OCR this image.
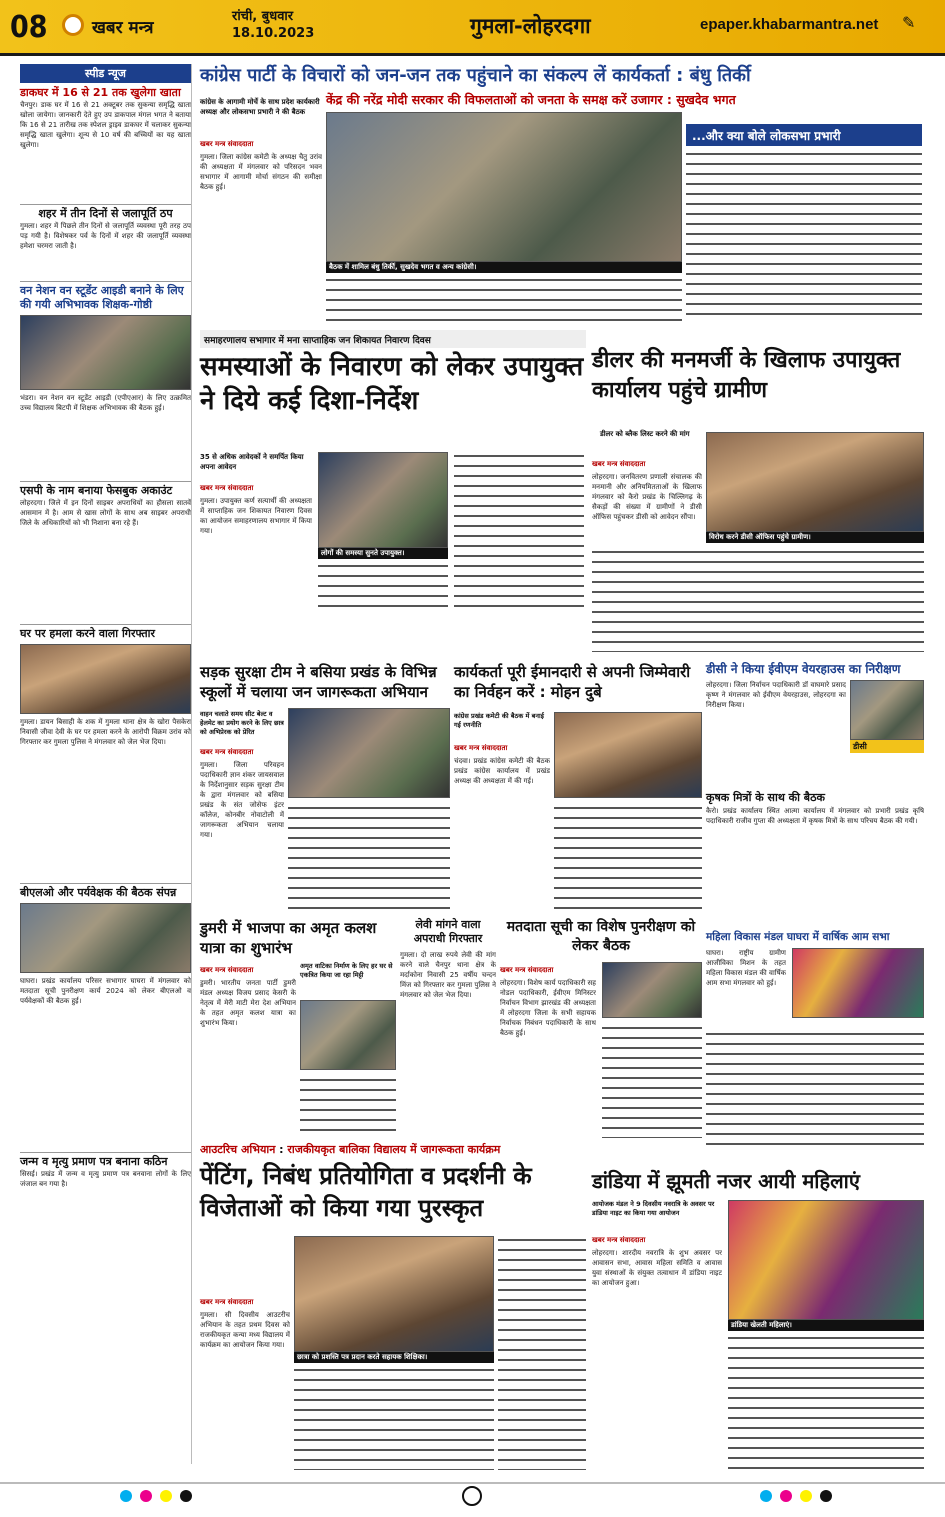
08	खबर मन्त्र
रांची, बुधवार
18.10.2023	गुमला-लोहरदगा	epaper.khabarmantra.net ✎
स्पीड न्यूज
डाकघर में 16 से 21 तक खुलेगा खाता
चैनपुर। डाक घर में 16 से 21 अक्टूबर तक सुकन्या समृद्धि खाता खोला जायेगा। जानकारी देते हुए उप डाकपाल मंगल भगत ने बताया कि 16 से 21 तारीख तक स्पेशल ड्राइव डाकघर में चलाकर सुकन्या समृद्धि खाता खुलेगा। शून्य से 10 वर्ष की बच्चियों का यह खाता खुलेगा।
शहर में तीन दिनों से जलापूर्ति ठप
गुमला। शहर में पिछले तीन दिनों से जलापूर्ति व्यवस्था पूरी तरह ठप पड़ गयी है। विशेषकर पर्व के दिनों में शहर की जलापूर्ति व्यवस्था हमेशा चरमरा जाती है।
वन नेशन वन स्टूडेंट आइडी बनाने के लिए की गयी अभिभावक शिक्षक-गोष्ठी
भंडरा। वन नेशन वन स्टूडेंट आइडी (एपीएआर) के लिए उत्क्रमित उच्च विद्यालय बिटपी में शिक्षक अभिभावक की बैठक हुई।
एसपी के नाम बनाया फेसबुक अकाउंट
लोहरदगा। जिले में इन दिनों साइबर अपराधियों का हौसला सातवें आसमान में है। आम से खास लोगों के साथ अब साइबर अपराधी जिले के अधिकारियों को भी निशाना बना रहे हैं।
घर पर हमला करने वाला गिरफ्तार
गुमला। डायन बिसाही के शक में गुमला थाना क्षेत्र के खोरा पैसकेरा निवासी जीवा देवी के घर पर हमला करने के आरोपी विक्रम उरांव को गिरफ्तार कर गुमला पुलिस ने मंगलवार को जेल भेज दिया।
बीएलओ और पर्यवेक्षक की बैठक संपन्न
घाघरा। प्रखंड कार्यालय परिसर सभागार घाघरा में मंगलवार को मतदाता सूची पुनरीक्षण कार्य 2024 को लेकर बीएलओ व पर्यवेक्षकों की बैठक हुई।
जन्म व मृत्यु प्रमाण पत्र बनाना कठिन
सिसई। प्रखंड में जन्म व मृत्यु प्रमाण पत्र बनवाना लोगों के लिए जंजाल बन गया है।
कांग्रेस पार्टी के विचारों को जन-जन तक पहुंचाने का संकल्प लें कार्यकर्ता : बंधु तिर्की
केंद्र की नरेंद्र मोदी सरकार की विफलताओं को जनता के समक्ष करें उजागर : सुखदेव भगत
कांग्रेस के आगामी मोर्चे के साथ प्रदेश कार्यकारी अध्यक्ष और लोकसभा प्रभारी ने की बैठक
खबर मन्त्र संवाददाता
गुमला। जिला कांग्रेस कमेटी के अध्यक्ष चैतु उरांव की अध्यक्षता में मंगलवार को परिसदन भवन सभागार में आगामी मोर्चा संगठन की समीक्षा बैठक हुई।
बैठक में शामिल बंधु तिर्की, सुखदेव भगत व अन्य कांग्रेसी।
...और क्या बोले लोकसभा प्रभारी
समाहरणालय सभागार में मना साप्ताहिक जन शिकायत निवारण दिवस
समस्याओं के निवारण को लेकर उपायुक्त ने दिये कई दिशा-निर्देश
35 से अधिक आवेदकों ने समर्पित किया अपना आवेदन
खबर मन्त्र संवाददाता
गुमला। उपायुक्त कर्ण सत्यार्थी की अध्यक्षता में साप्ताहिक जन शिकायत निवारण दिवस का आयोजन समाहरणालय सभागार में किया गया।
लोगों की समस्या सुनते उपायुक्त।
डीलर की मनमर्जी के खिलाफ उपायुक्त कार्यालय पहुंचे ग्रामीण
डीलर को ब्लैक लिस्ट करने की मांग
खबर मन्त्र संवाददाता
लोहरदगा। जनवितरण प्रणाली संचालक की मनमानी और अनियमितताओं के खिलाफ मंगलवार को कैरो प्रखंड के चिल्लिगढ़ के सैकड़ों की संख्या में ग्रामीणों ने डीसी ऑफिस पहुंचकर डीसी को आवेदन सौंपा।
विरोध करने डीसी ऑफिस पहुंचे ग्रामीण।
डीसी ने किया ईवीएम वेयरहाउस का निरीक्षण
लोहरदगा। जिला निर्वाचन पदाधिकारी डॉ वाघमारे प्रसाद कृष्ण ने मंगलवार को ईवीएम वेयरहाउस, लोहरदगा का निरीक्षण किया।
डीसी
कृषक मित्रों के साथ की बैठक
कैरो। प्रखंड कार्यालय स्थित आत्मा कार्यालय में मंगलवार को प्रभारी प्रखंड कृषि पदाधिकारी राजीव गुप्ता की अध्यक्षता में कृषक मित्रों के साथ परिचय बैठक की गयी।
महिला विकास मंडल घाघरा में वार्षिक आम सभा
घाघरा। राष्ट्रीय ग्रामीण आजीविका मिशन के तहत महिला विकास मंडल की वार्षिक आम सभा मंगलवार को हुई।
सड़क सुरक्षा टीम ने बसिया प्रखंड के विभिन्न स्कूलों में चलाया जन जागरूकता अभियान
वाहन चलाते समय सीट बेल्ट व हेलमेट का प्रयोग करने के लिए छात्र को अभिप्रेरक को प्रेरित
खबर मन्त्र संवाददाता
गुमला। जिला परिवहन पदाधिकारी ज्ञान शंकर जायसवाल के निर्देशानुसार सड़क सुरक्षा टीम के द्वारा मंगलवार को बसिया प्रखंड के संत जोसेफ इंटर कॉलेज, कोनबीर नोवाटोली में जागरूकता अभियान चलाया गया।
कार्यकर्ता पूरी ईमानदारी से अपनी जिम्मेवारी का निर्वहन करें : मोहन दुबे
कांग्रेस प्रखंड कमेटी की बैठक में बनाई गई रणनीति
खबर मन्त्र संवाददाता
चंदवा। प्रखंड कांग्रेस कमेटी की बैठक प्रखंड कांग्रेस कार्यालय में प्रखंड अध्यक्ष की अध्यक्षता में की गई।
डुमरी में भाजपा का अमृत कलश यात्रा का शुभारंभ
अमृत वाटिका निर्माण के लिए हर घर से एकत्रित किया जा रहा मिट्टी
खबर मन्त्र संवाददाता
डुमरी। भारतीय जनता पार्टी डुमरी मंडल अध्यक्ष विजय प्रसाद केसरी के नेतृत्व में मेरी माटी मेरा देश अभियान के तहत अमृत कलश यात्रा का शुभारंभ किया।
लेवी मांगने वाला अपराधी गिरफ्तार
गुमला। दो लाख रुपये लेवी की मांग करने वाले चैनपुर थाना क्षेत्र के मर्दाकोना निवासी 25 वर्षीय चन्दन मिंज को गिरफ्तार कर गुमला पुलिस ने मंगलवार को जेल भेज दिया।
मतदाता सूची का विशेष पुनरीक्षण को लेकर बैठक
खबर मन्त्र संवाददाता
लोहरदगा। विशेष कार्य पदाधिकारी सह नोडल पदाधिकारी, ईवीएम मिनिस्टर निर्वाचन विभाग झारखंड की अध्यक्षता में लोहरदगा जिला के सभी सहायक निर्वाचक निबंधन पदाधिकारी के साथ बैठक हुई।
आउटरिच अभियान : राजकीयकृत बालिका विद्यालय में जागरूकता कार्यक्रम
पेंटिंग, निबंध प्रतियोगिता व प्रदर्शनी के विजेताओं को किया गया पुरस्कृत
खबर मन्त्र संवाददाता
गुमला। सी दिवसीय आउटरीच अभियान के तहत प्रथम दिवस को राजकीयकृत कन्या मध्य विद्यालय में कार्यक्रम का आयोजन किया गया।
छात्रा को प्रशस्ति पत्र प्रदान करते सहायक शिक्षिका।
डांडिया में झूमती नजर आयी महिलाएं
आयोजक मंडल ने 9 दिवसीय नवरात्रि के अवसर पर डांडिया नाइट का किया गया आयोजन
खबर मन्त्र संवाददाता
लोहरदगा। शारदीय नवरात्रि के शुभ अवसर पर आवासन सभा, आवास महिला समिति व आवास युवा संस्थाओं के संयुक्त तत्वाधान में डांडिया नाइट का आयोजन हुआ।
डांडिया खेलती महिलाएं।
